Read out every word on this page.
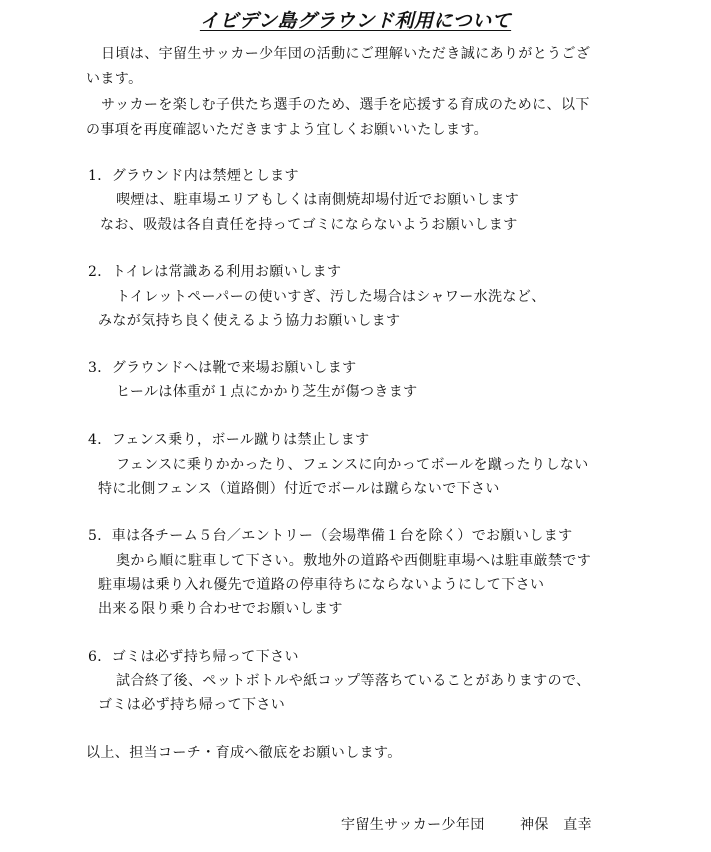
イビデン島グラウンド利用について
日頃は、宇留生サッカー少年団の活動にご理解いただき誠にありがとうござ
います。
サッカーを楽しむ子供たち選手のため、選手を応援する育成のために、以下
の事項を再度確認いただきますよう宜しくお願いいたします。
1．グラウンド内は禁煙とします
喫煙は、駐車場エリアもしくは南側焼却場付近でお願いします
なお、吸殻は各自責任を持ってゴミにならないようお願いします
2．トイレは常識ある利用お願いします
トイレットペーパーの使いすぎ、汚した場合はシャワー水洗など、
みなが気持ち良く使えるよう協力お願いします
3．グラウンドへは靴で来場お願いします
ヒールは体重が１点にかかり芝生が傷つきます
4．フェンス乗り，ボール蹴りは禁止します
フェンスに乗りかかったり、フェンスに向かってボールを蹴ったりしない
特に北側フェンス（道路側）付近でボールは蹴らないで下さい
5．車は各チーム５台／エントリー（会場準備１台を除く）でお願いします
奥から順に駐車して下さい。敷地外の道路や西側駐車場へは駐車厳禁です
駐車場は乗り入れ優先で道路の停車待ちにならないようにして下さい
出来る限り乗り合わせでお願いします
6．ゴミは必ず持ち帰って下さい
試合終了後、ペットボトルや紙コップ等落ちていることがありますので、
ゴミは必ず持ち帰って下さい
以上、担当コーチ・育成へ徹底をお願いします。
宇留生サッカー少年団	神保　直幸
